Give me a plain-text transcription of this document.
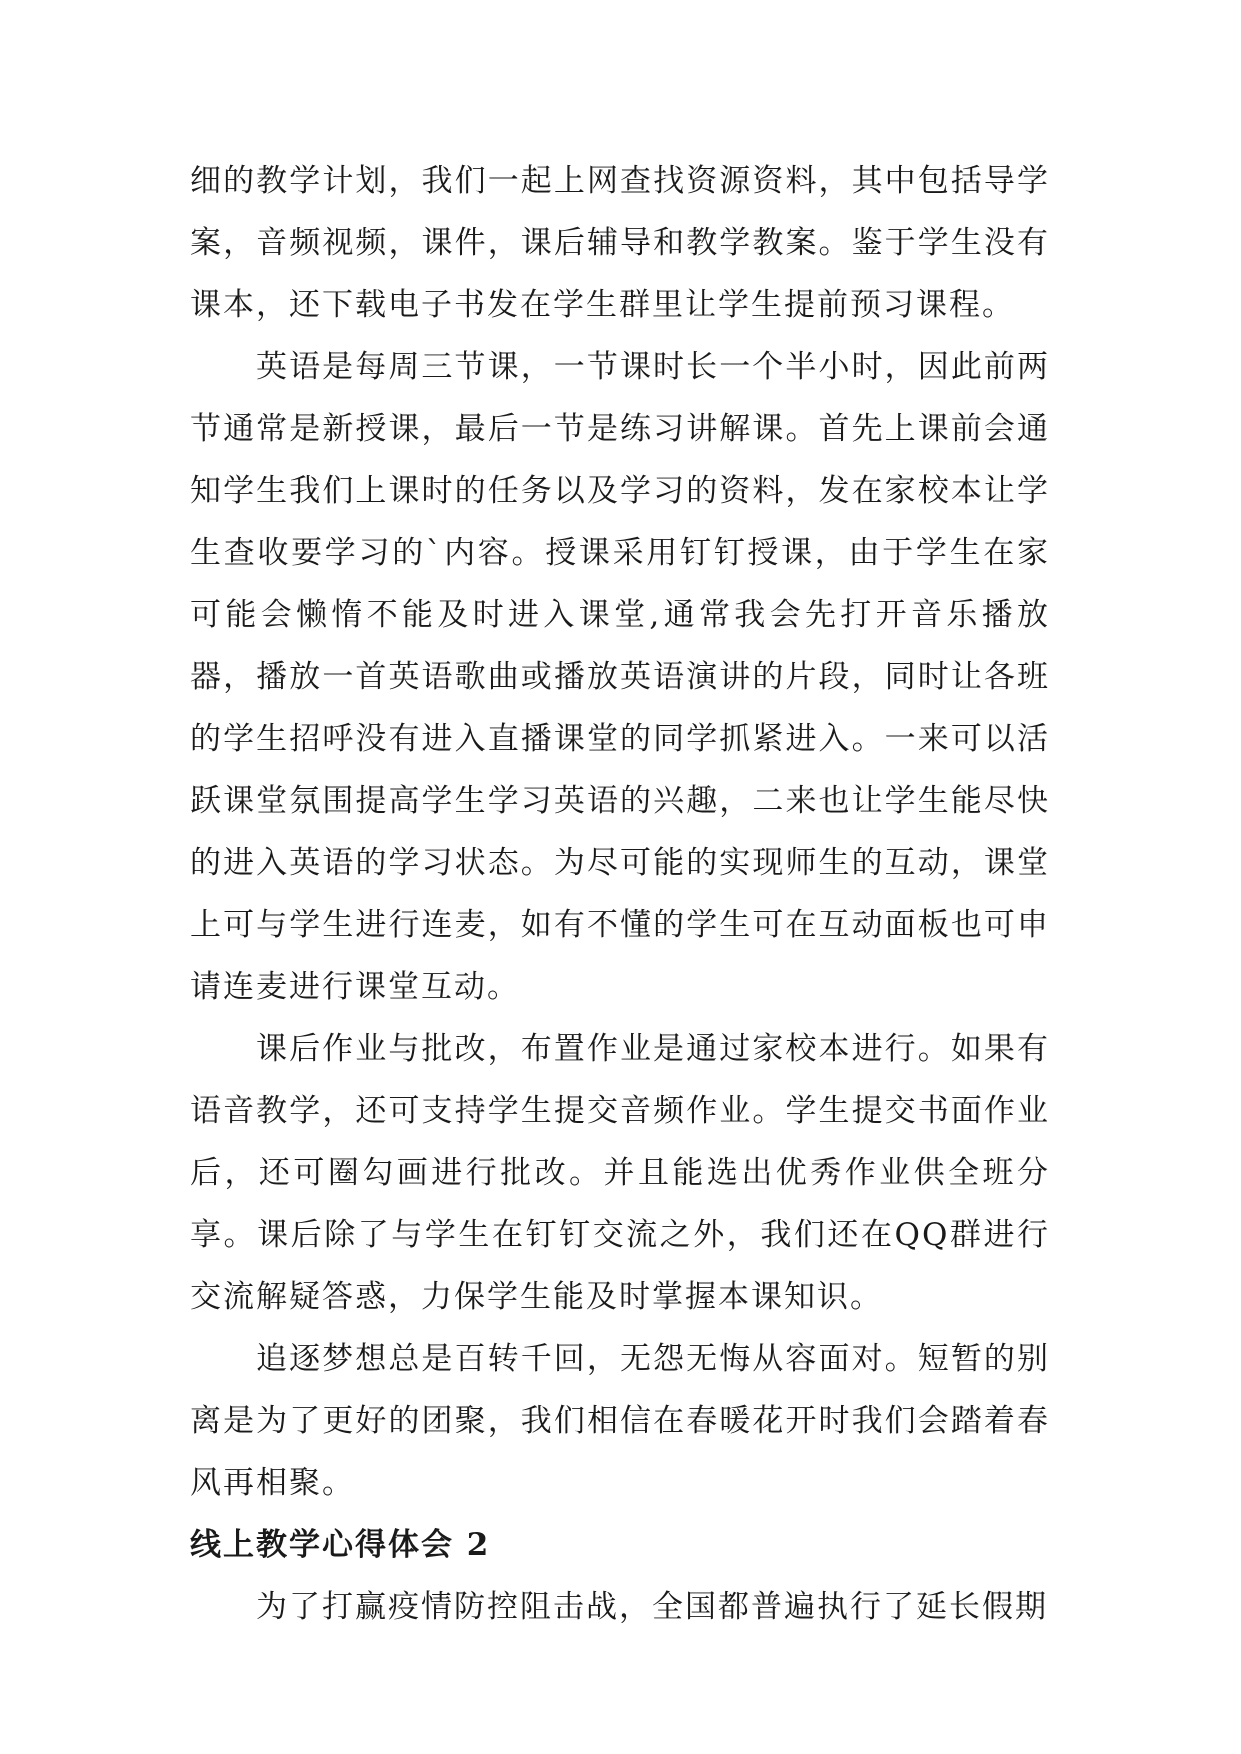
细的教学计划，我们一起上网查找资源资料，其中包括导学案，音频视频，课件，课后辅导和教学教案。鉴于学生没有课本，还下载电子书发在学生群里让学生提前预习课程。

英语是每周三节课，一节课时长一个半小时，因此前两节通常是新授课，最后一节是练习讲解课。首先上课前会通知学生我们上课时的任务以及学习的资料，发在家校本让学生查收要学习的`内容。授课采用钉钉授课，由于学生在家可能会懒惰不能及时进入课堂,通常我会先打开音乐播放器，播放一首英语歌曲或播放英语演讲的片段，同时让各班的学生招呼没有进入直播课堂的同学抓紧进入。一来可以活跃课堂氛围提高学生学习英语的兴趣，二来也让学生能尽快的进入英语的学习状态。为尽可能的实现师生的互动，课堂上可与学生进行连麦，如有不懂的学生可在互动面板也可申请连麦进行课堂互动。

课后作业与批改，布置作业是通过家校本进行。如果有语音教学，还可支持学生提交音频作业。学生提交书面作业后，还可圈勾画进行批改。并且能选出优秀作业供全班分享。课后除了与学生在钉钉交流之外，我们还在QQ群进行交流解疑答惑，力保学生能及时掌握本课知识。

追逐梦想总是百转千回，无怨无悔从容面对。短暂的别离是为了更好的团聚，我们相信在春暖花开时我们会踏着春风再相聚。

线上教学心得体会 2

为了打赢疫情防控阻击战，全国都普遍执行了延长假期
